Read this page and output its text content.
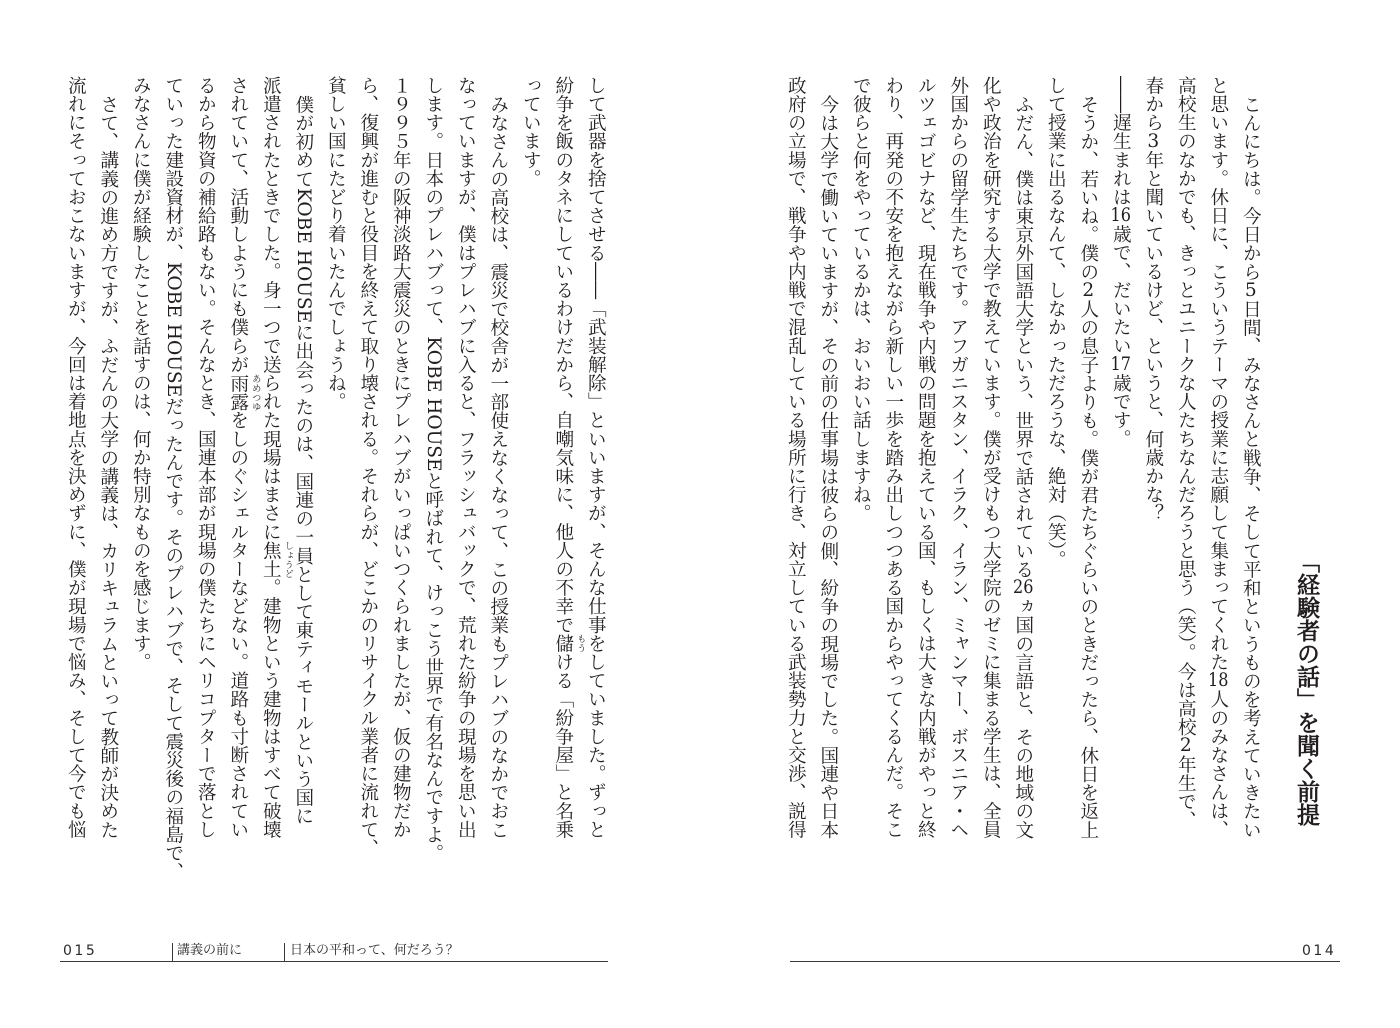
「経験者の話」を聞く前提
こんにちは。今日から5日間、みなさんと戦争、そして平和というものを考えていきたい
と思います。休日に、こういうテーマの授業に志願して集まってくれた18人のみなさんは、
高校生のなかでも、きっとユニークな人たちなんだろうと思う（笑）。今は高校2年生で、
春から3年と聞いているけど、というと、何歳かな？
――遅生まれは16歳で、だいたい17歳です。
そうか、若いね。僕の2人の息子よりも。僕が君たちぐらいのときだったら、休日を返上
して授業に出るなんて、しなかっただろうな、絶対（笑）。
ふだん、僕は東京外国語大学という、世界で話されている26ヵ国の言語と、その地域の文
化や政治を研究する大学で教えています。僕が受けもつ大学院のゼミに集まる学生は、全員
外国からの留学生たちです。アフガニスタン、イラク、イラン、ミャンマー、ボスニア・ヘ
ルツェゴビナなど、現在戦争や内戦の問題を抱えている国、もしくは大きな内戦がやっと終
わり、再発の不安を抱えながら新しい一歩を踏み出しつつある国からやってくるんだ。そこ
で彼らと何をやっているかは、おいおい話しますね。
今は大学で働いていますが、その前の仕事場は彼らの側、紛争の現場でした。国連や日本
政府の立場で、戦争や内戦で混乱している場所に行き、対立している武装勢力と交渉、説得
014
して武器を捨てさせる――「武装解除」といいますが、そんな仕事をしていました。ずっと
紛争を飯のタネにしているわけだから、自嘲気味に、他人の不幸で儲 もう
ける「紛争屋」と名乗
っています。
みなさんの高校は、震災で校舎が一部使えなくなって、この授業もプレハブのなかでおこ
なっていますが、僕はプレハブに入ると、フラッシュバックで、荒れた紛争の現場を思い出
します。日本のプレハブって、KOBE HOUSEと呼ばれて、けっこう世界で有名なんですよ。
１９９５年の阪神淡路大震災のときにプレハブがいっぱいつくられましたが、仮の建物だか
ら、復興が進むと役目を終えて取り壊される。それらが、どこかのリサイクル業者に流れて、
貧しい国にたどり着いたんでしょうね。
僕が初めてKOBE HOUSEに出会ったのは、国連の一員として東ティモールという国に
派遣されたときでした。身一つで送られた現場はまさに焦土 しょうど
。建物という建物はすべて破壊
されていて、活動しようにも僕らが雨露 あめつゆ
をしのぐシェルターなどない。道路も寸断されてい
るから物資の補給路もない。そんなとき、国連本部が現場の僕たちにヘリコプターで落とし
ていった建設資材が、KOBE HOUSEだったんです。そのプレハブで、そして震災後の福島で、
みなさんに僕が経験したことを話すのは、何か特別なものを感じます。
さて、講義の進め方ですが、ふだんの大学の講義は、カリキュラムといって教師が決めた
流れにそっておこないますが、今回は着地点を決めずに、僕が現場で悩み、そして今でも悩
015	講義の前に	日本の平和って、何だろう？
